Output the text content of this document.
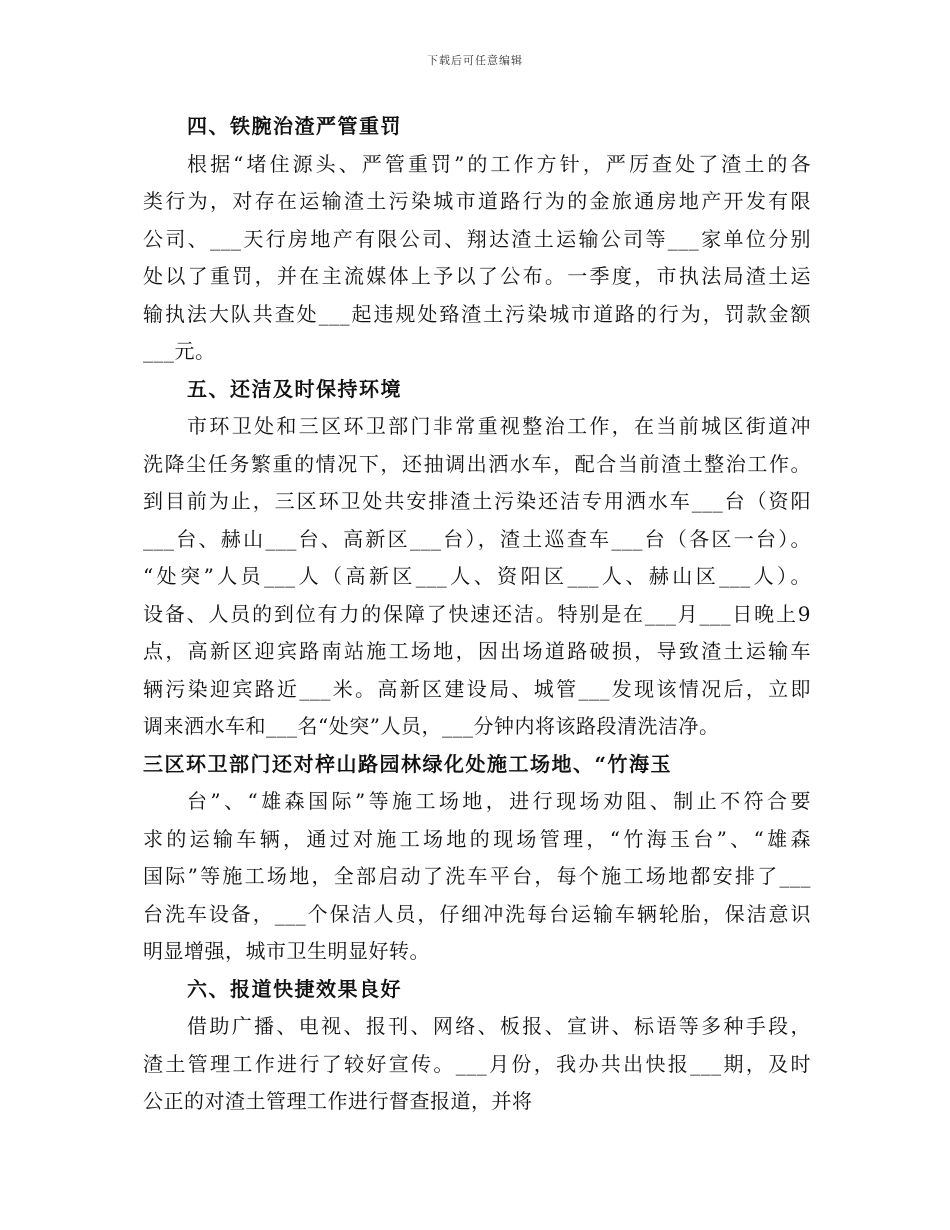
下载后可任意编辑
四、铁腕治渣严管重罚
根据“堵住源头、严管重罚”的工作方针，严厉查处了渣土的各
类行为，对存在运输渣土污染城市道路行为的金旅通房地产开发有限
公司、___天行房地产有限公司、翔达渣土运输公司等___家单位分别
处以了重罚，并在主流媒体上予以了公布。一季度，市执法局渣土运
输执法大队共查处___起违规处臵渣土污染城市道路的行为，罚款金额
___元。
五、还洁及时保持环境
市环卫处和三区环卫部门非常重视整治工作，在当前城区街道冲
洗降尘任务繁重的情况下，还抽调出洒水车，配合当前渣土整治工作。
到目前为止，三区环卫处共安排渣土污染还洁专用洒水车___台（资阳
___台、赫山___台、高新区___台），渣土巡查车___台（各区一台）。
“处突”人员___人（高新区___人、资阳区___人、赫山区___人）。
设备、人员的到位有力的保障了快速还洁。特别是在___月___日晚上9
点，高新区迎宾路南站施工场地，因出场道路破损，导致渣土运输车
辆污染迎宾路近___米。高新区建设局、城管___发现该情况后，立即
调来洒水车和___名“处突”人员，___分钟内将该路段清洗洁净。
三区环卫部门还对梓山路园林绿化处施工场地、“竹海玉
台”、“雄森国际”等施工场地，进行现场劝阻、制止不符合要
求的运输车辆，通过对施工场地的现场管理，“竹海玉台”、“雄森
国际”等施工场地，全部启动了洗车平台，每个施工场地都安排了___
台洗车设备，___个保洁人员，仔细冲洗每台运输车辆轮胎，保洁意识
明显增强，城市卫生明显好转。
六、报道快捷效果良好
借助广播、电视、报刊、网络、板报、宣讲、标语等多种手段，
渣土管理工作进行了较好宣传。___月份，我办共出快报___期，及时
公正的对渣土管理工作进行督查报道，并将
